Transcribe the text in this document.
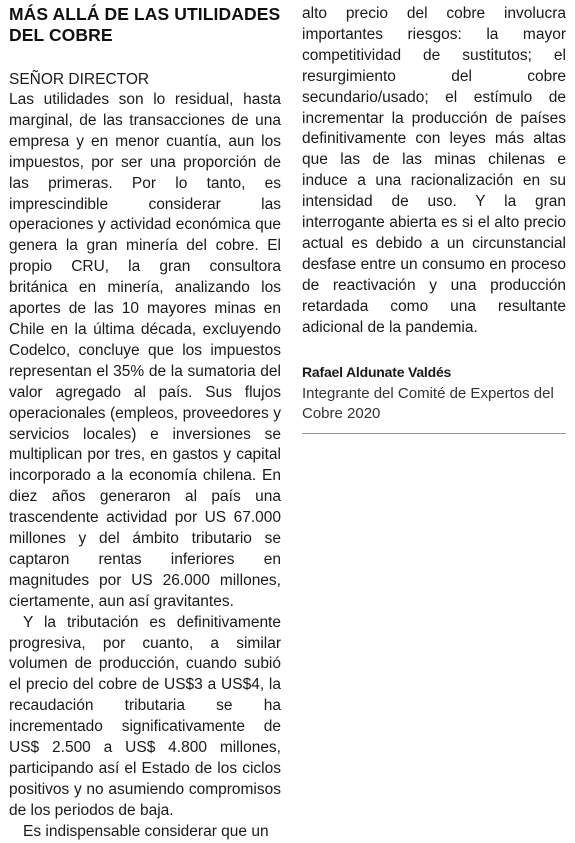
MÁS ALLÁ DE LAS UTILIDADES DEL COBRE

SEÑOR DIRECTOR

Las utilidades son lo residual, hasta marginal, de las transacciones de una empresa y en menor cuantía, aun los impuestos, por ser una proporción de las primeras. Por lo tanto, es imprescindible considerar las operaciones y actividad económica que genera la gran minería del cobre. El propio CRU, la gran consultora británica en minería, analizando los aportes de las 10 mayores minas en Chile en la última década, excluyendo Codelco, concluye que los impuestos representan el 35% de la sumatoria del valor agregado al país. Sus flujos operacionales (empleos, proveedores y servicios locales) e inversiones se multiplican por tres, en gastos y capital incorporado a la economía chilena. En diez años generaron al país una trascendente actividad por US 67.000 millones y del ámbito tributario se captaron rentas inferiores en magnitudes por US 26.000 millones, ciertamente, aun así gravitantes.

Y la tributación es definitivamente progresiva, por cuanto, a similar volumen de producción, cuando subió el precio del cobre de US$3 a US$4, la recaudación tributaria se ha incrementado significativamente de US$ 2.500 a US$ 4.800 millones, participando así el Estado de los ciclos positivos y no asumiendo compromisos de los periodos de baja.

Es indispensable considerar que un

alto precio del cobre involucra importantes riesgos: la mayor competitividad de sustitutos; el resurgimiento del cobre secundario/usado; el estímulo de incrementar la producción de países definitivamente con leyes más altas que las de las minas chilenas e induce a una racionalización en su intensidad de uso. Y la gran interrogante abierta es si el alto precio actual es debido a un circunstancial desfase entre un consumo en proceso de reactivación y una producción retardada como una resultante adicional de la pandemia.

Rafael Aldunate Valdés

Integrante del Comité de Expertos del Cobre 2020
